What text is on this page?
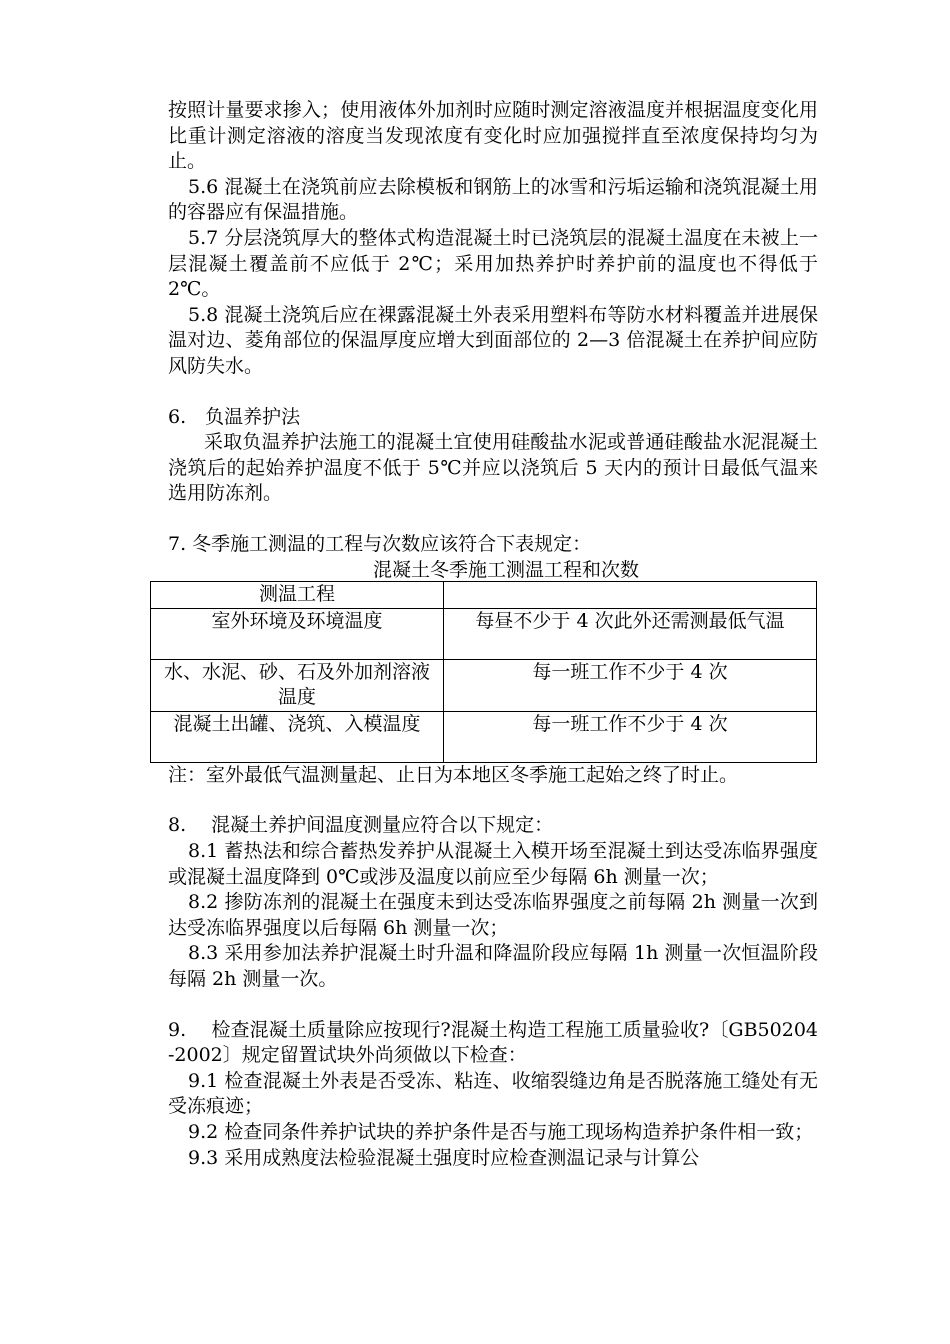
按照计量要求掺入；使用液体外加剂时应随时测定溶液温度并根据温度变化用比重计测定溶液的溶度当发现浓度有变化时应加强搅拌直至浓度保持均匀为止。

5.6 混凝土在浇筑前应去除模板和钢筋上的冰雪和污垢运输和浇筑混凝土用的容器应有保温措施。

5.7 分层浇筑厚大的整体式构造混凝土时已浇筑层的混凝土温度在未被上一层混凝土覆盖前不应低于 2℃；采用加热养护时养护前的温度也不得低于 2℃。

5.8 混凝土浇筑后应在裸露混凝土外表采用塑料布等防水材料覆盖并进展保温对边、菱角部位的保温厚度应增大到面部位的 2—3 倍混凝土在养护间应防风防失水。

6.　负温养护法

采取负温养护法施工的混凝土宜使用硅酸盐水泥或普通硅酸盐水泥混凝土浇筑后的起始养护温度不低于 5℃并应以浇筑后 5 天内的预计日最低气温来选用防冻剂。

7. 冬季施工测温的工程与次数应该符合下表规定：

混凝土冬季施工测温工程和次数

测温工程	
室外环境及环境温度	每昼不少于 4 次此外还需测最低气温
水、水泥、砂、石及外加剂溶液温度	每一班工作不少于 4 次
混凝土出罐、浇筑、入模温度	每一班工作不少于 4 次

注：室外最低气温测量起、止日为本地区冬季施工起始之终了时止。

8.　 混凝土养护间温度测量应符合以下规定：

8.1 蓄热法和综合蓄热发养护从混凝土入模开场至混凝土到达受冻临界强度或混凝土温度降到 0℃或涉及温度以前应至少每隔 6h 测量一次；

8.2 掺防冻剂的混凝土在强度未到达受冻临界强度之前每隔 2h 测量一次到达受冻临界强度以后每隔 6h 测量一次；

8.3 采用参加法养护混凝土时升温和降温阶段应每隔 1h 测量一次恒温阶段每隔 2h 测量一次。

9.　 检查混凝土质量除应按现行?混凝土构造工程施工质量验收?〔GB50204-2002〕规定留置试块外尚须做以下检查：

9.1 检查混凝土外表是否受冻、粘连、收缩裂缝边角是否脱落施工缝处有无受冻痕迹；

9.2 检查同条件养护试块的养护条件是否与施工现场构造养护条件相一致；

9.3 采用成熟度法检验混凝土强度时应检查测温记录与计算公
